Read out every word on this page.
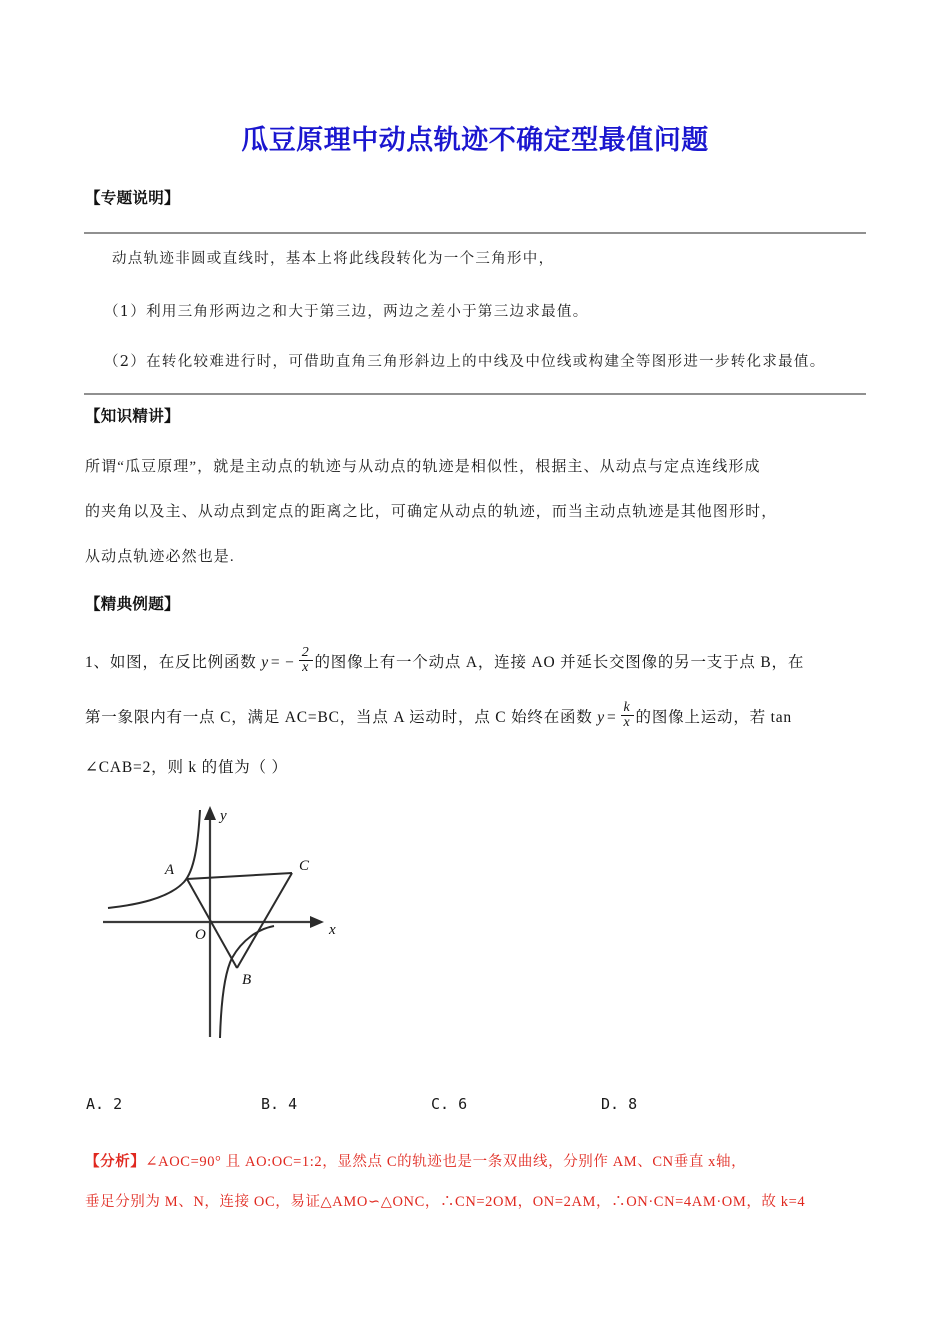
瓜豆原理中动点轨迹不确定型最值问题
【专题说明】
动点轨迹非圆或直线时，基本上将此线段转化为一个三角形中，
（1）利用三角形两边之和大于第三边，两边之差小于第三边求最值。
（2）在转化较难进行时，可借助直角三角形斜边上的中线及中位线或构建全等图形进一步转化求最值。
【知识精讲】
所谓“瓜豆原理”，就是主动点的轨迹与从动点的轨迹是相似性，根据主、从动点与定点连线形成
的夹角以及主、从动点到定点的距离之比，可确定从动点的轨迹，而当主动点轨迹是其他图形时，
从动点轨迹必然也是.
【精典例题】
1、如图，在反比例函数 y = − $\frac{2}{x}$ 的图像上有一个动点 A，连接 AO 并延长交图像的另一支于点 B，在
第一象限内有一点 C，满足 AC=BC，当点 A 运动时，点 C 始终在函数 $y = \frac{k}{x}$ 的图像上运动，若 tan
∠CAB=2，则 k 的值为（ ）
A
B
C
O	x
y
A. 2	B. 4	C. 6	D. 8
【分析】∠AOC=90° 且 AO:OC=1:2，显然点 C的轨迹也是一条双曲线，分别作 AM、CN垂直 x轴，
垂足分别为 M、N，连接 OC，易证△AMO∽△ONC，∴CN=2OM，ON=2AM，∴ON·CN=4AM·OM，故 k=4
